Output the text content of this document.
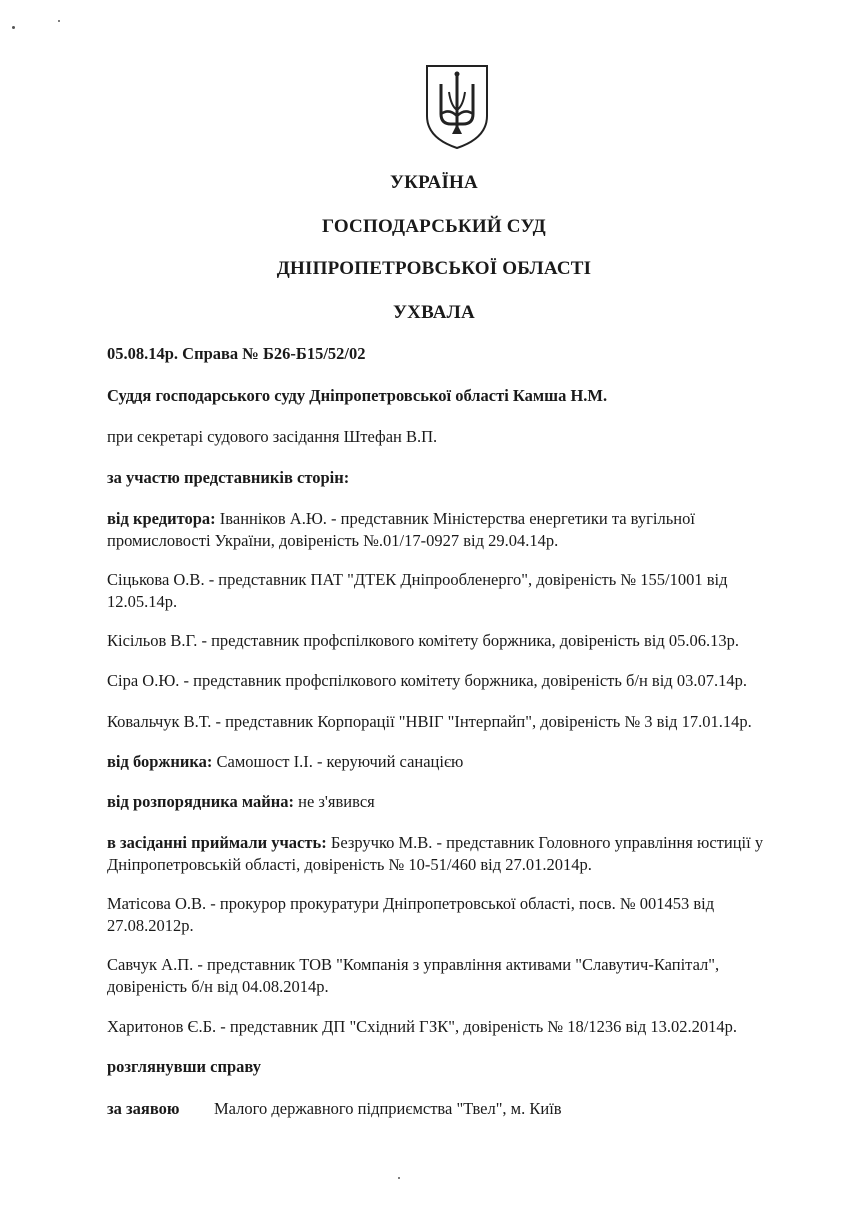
УКРАЇНА
ГОСПОДАРСЬКИЙ СУД
ДНІПРОПЕТРОВСЬКОЇ ОБЛАСТІ
УХВАЛА
05.08.14р. Справа № Б26-Б15/52/02
Суддя господарського суду Дніпропетровської області Камша Н.М.
при секретарі судового засідання Штефан В.П.
за участю представників сторін:
від кредитора: Іванніков А.Ю. - представник Міністерства енергетики та вугільної
промисловості України, довіреність №.01/17-0927 від 29.04.14р.
Сіцькова О.В. - представник ПАТ "ДТЕК Дніпрообленерго", довіреність № 155/1001 від
12.05.14р.
Кісільов В.Г. - представник профспілкового комітету боржника, довіреність від 05.06.13р.
Сіра О.Ю. - представник профспілкового комітету боржника, довіреність б/н від 03.07.14р.
Ковальчук В.Т. - представник Корпорації "НВІГ "Інтерпайп", довіреність № 3 від 17.01.14р.
від боржника: Самошост І.І. - керуючий санацією
від розпорядника майна: не з'явився
в засіданні приймали участь: Безручко М.В. - представник Головного управління юстиції у
Дніпропетровській області, довіреність № 10-51/460 від 27.01.2014р.
Матісова О.В. - прокурор прокуратури Дніпропетровської області, посв. № 001453 від
27.08.2012р.
Савчук А.П. - представник ТОВ "Компанія з управління активами "Славутич-Капітал",
довіреність б/н від 04.08.2014р.
Харитонов Є.Б. - представник ДП "Східний ГЗК", довіреність № 18/1236 від 13.02.2014р.
розглянувши справу
за заявою Малого державного підприємства "Твел", м. Київ
